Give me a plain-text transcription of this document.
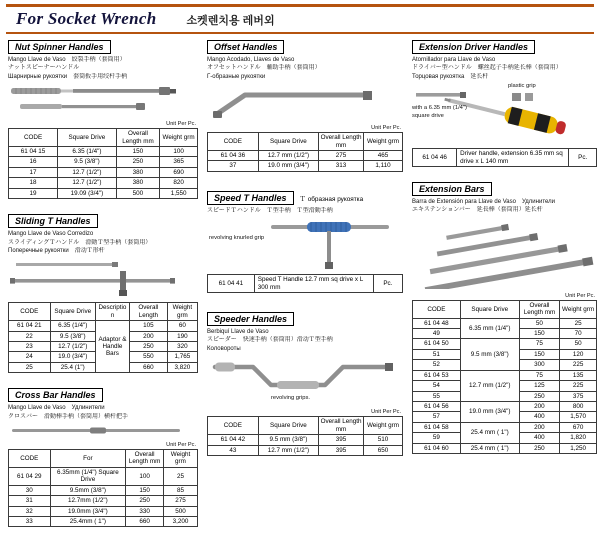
For Socket Wrench	소켓렌치용 레버외
Nut Spinner Handles
Mango Llave de Vaso　絞裂手柄（套筒用）
ナットスピーナーハンドル
Шарнирные рукоятки　套筒扳手用绞杆手柄
Unit Per Pc.
CODE	Square Drive	Overall Length mm	Weight grm
61 04 15	6.35 (1/4")	150	100
16	9.5 (3/8")	250	365
17	12.7 (1/2")	380	690
18	12.7 (1/2")	380	820
19	19.09 (3/4")	500	1,550
Sliding T Handles
Mango Llave de Vaso Corredizo
スライディングＴハンドル　滑動Ｔ型手柄（套筒用）
Поперечные рукоятки　滑动Ｔ形杆
CODE	Square Drive	Description	Overall Length	Weight grm
61 04 21	6.35 (1/4")	Adaptor & Handle Bars	105	60
22	9.5 (3/8")		200	190
23	12.7 (1/2")		250	320
24	19.0 (3/4")		550	1,765
25	25.4 (1")		660	3,820
Cross Bar Handles
Mango Llave de Vaso　Удлинители
クロスバー　滑動棒手柄（套筒用）横杆把手
Unit Per Pc.
CODE	For	Overall Length mm	Weight grm
61 04 29	6.35mm (1/4") Square Drive	100	25
30	9.5mm (3/8")	150	85
31	12.7mm (1/2")	250	275
32	19.0mm (3/4")	330	500
33	25.4mm ( 1")	660	3,200
Offset Handles
Mango Acodado, Llaves de Vaso
オフセットハンドル　輔助手柄（套筒用）
Г-образные рукоятки
Unit Per Pc.
CODE	Square Drive	Overall Length mm	Weight grm
61 04 36	12.7 mm (1/2")	275	465
37	19.0 mm (3/4")	313	1,110
Speed T Handles	Ｔ образная рукоятка
スピードＴハンドル　Ｔ型手柄　Ｔ型滑動手柄
revolving knurled grip
61 04 41	Speed T Handle 12.7 mm sq drive x L 300 mm	Pc.
Speeder Handles
Berbiquí Llave de Vaso
スピーダー　快速手柄（套筒用）滑动Ｔ型手柄
Коловороты
revolving grips.
Unit Per Pc.
CODE	Square Drive	Overall Length mm	Weight grm
61 04 42	9.5 mm (3/8")	395	510
43	12.7 mm (1/2")	395	650
Extension Driver Handles
Atornillador para Llave de Vaso
ドライバー型ハンドル　螺丝起子手柄延长棒（套筒用）
Торцовая рукоятка　延长杆
plastic grip
with a 6.35 mm (1/4")
square drive
61 04 46	Driver handle, extension 6.35 mm sq drive x L 140 mm	Pc.
Extension Bars
Barra de Extensión para Llave de Vaso　Удлинители
エキステンションバー　延長棒（套筒用）延长杆
Unit Per Pc.
CODE	Square Drive	Overall Length mm	Weight grm
61 04 48	6.35 mm (1/4")	50	25
49		150	70
61 04 50	9.5 mm (3/8")	75	50
51		150	120
52		300	225
61 04 53	12.7 mm (1/2")	75	135
54		125	225
55		250	375
61 04 56	19.0 mm (3/4")	200	800
57		400	1,570
61 04 58	25.4 mm ( 1")	200	670
59		400	1,820
61 04 60	25.4 mm ( 1")	250	1,250
